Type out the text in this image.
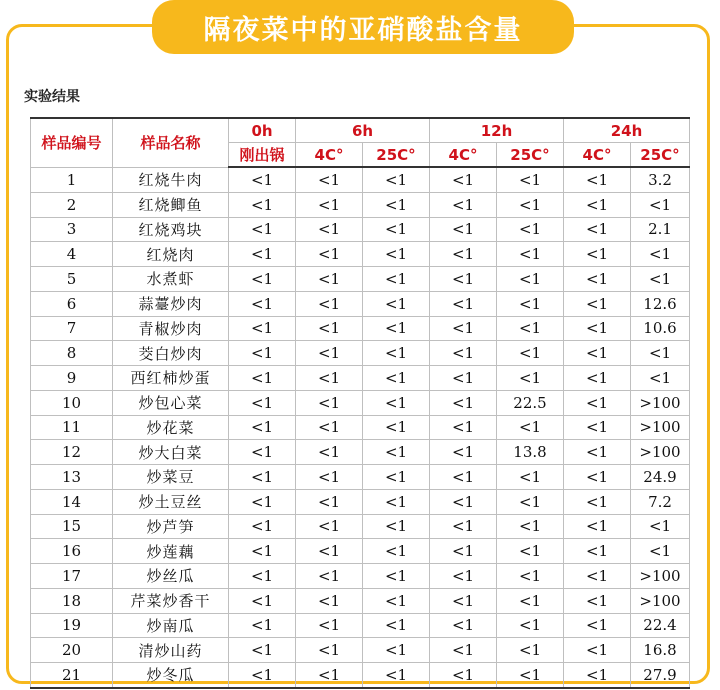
隔夜菜中的亚硝酸盐含量
实验结果
样品编号	样品名称	0h	6h		12h		24h	
		刚出锅	4C°	25C°	4C°	25C°	4C°	25C°
1	红烧牛肉	<1	<1	<1	<1	<1	<1	3.2
2	红烧鲫鱼	<1	<1	<1	<1	<1	<1	<1
3	红烧鸡块	<1	<1	<1	<1	<1	<1	2.1
4	红烧肉	<1	<1	<1	<1	<1	<1	<1
5	水煮虾	<1	<1	<1	<1	<1	<1	<1
6	蒜薹炒肉	<1	<1	<1	<1	<1	<1	12.6
7	青椒炒肉	<1	<1	<1	<1	<1	<1	10.6
8	茭白炒肉	<1	<1	<1	<1	<1	<1	<1
9	西红柿炒蛋	<1	<1	<1	<1	<1	<1	<1
10	炒包心菜	<1	<1	<1	<1	22.5	<1	>100
11	炒花菜	<1	<1	<1	<1	<1	<1	>100
12	炒大白菜	<1	<1	<1	<1	13.8	<1	>100
13	炒菜豆	<1	<1	<1	<1	<1	<1	24.9
14	炒土豆丝	<1	<1	<1	<1	<1	<1	7.2
15	炒芦笋	<1	<1	<1	<1	<1	<1	<1
16	炒莲藕	<1	<1	<1	<1	<1	<1	<1
17	炒丝瓜	<1	<1	<1	<1	<1	<1	>100
18	芹菜炒香干	<1	<1	<1	<1	<1	<1	>100
19	炒南瓜	<1	<1	<1	<1	<1	<1	22.4
20	清炒山药	<1	<1	<1	<1	<1	<1	16.8
21	炒冬瓜	<1	<1	<1	<1	<1	<1	27.9
